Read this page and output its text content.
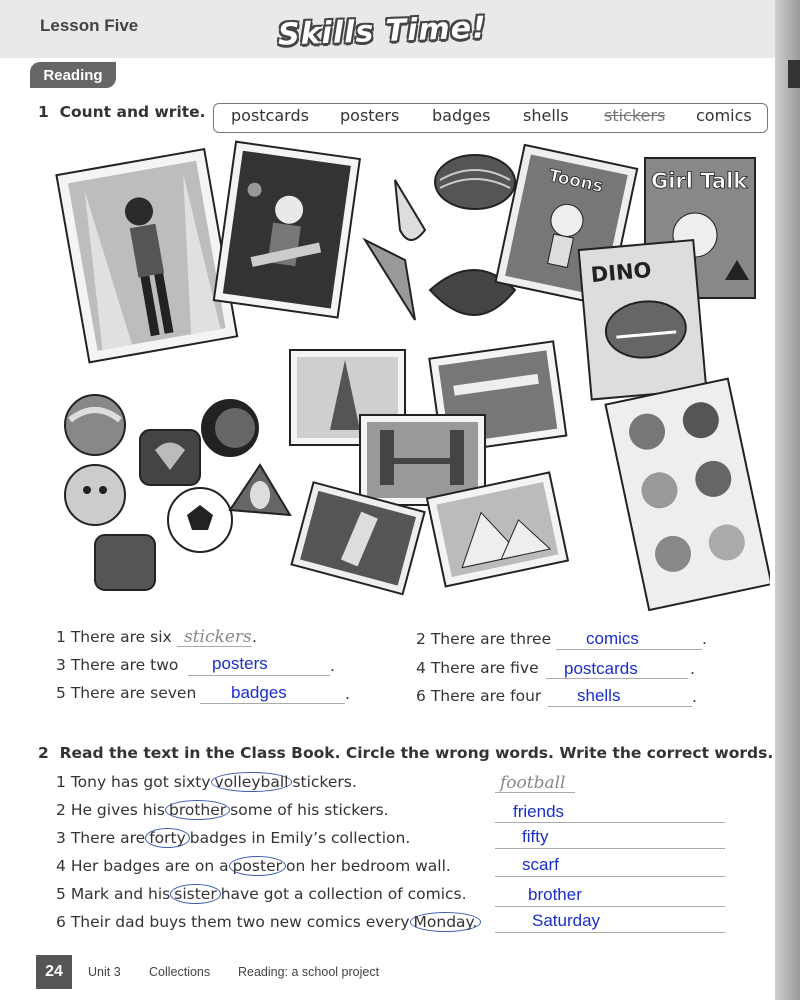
Lesson Five	Skills Time!
Reading
1 Count and write. postcards posters badges shells stickers comics
Toons Girl Talk
DINO
1 There are six stickers .	2 There are three comics	.
3 There are two posters	.	4 There are five postcards	.
5 There are seven badges	.	6 There are four shells	.
2 Read the text in the Class Book. Circle the wrong words. Write the correct words.
1 Tony has got sixty volleyball stickers.	football
2 He gives his brother some of his stickers.	friends
3 There are forty badges in Emily’s collection.	fifty
4 Her badges are on a poster on her bedroom wall.	scarf
5 Mark and his sister have got a collection of comics.	brother
6 Their dad buys them two new comics every Monday.	Saturday
24	Unit 3 Collections Reading: a school project
